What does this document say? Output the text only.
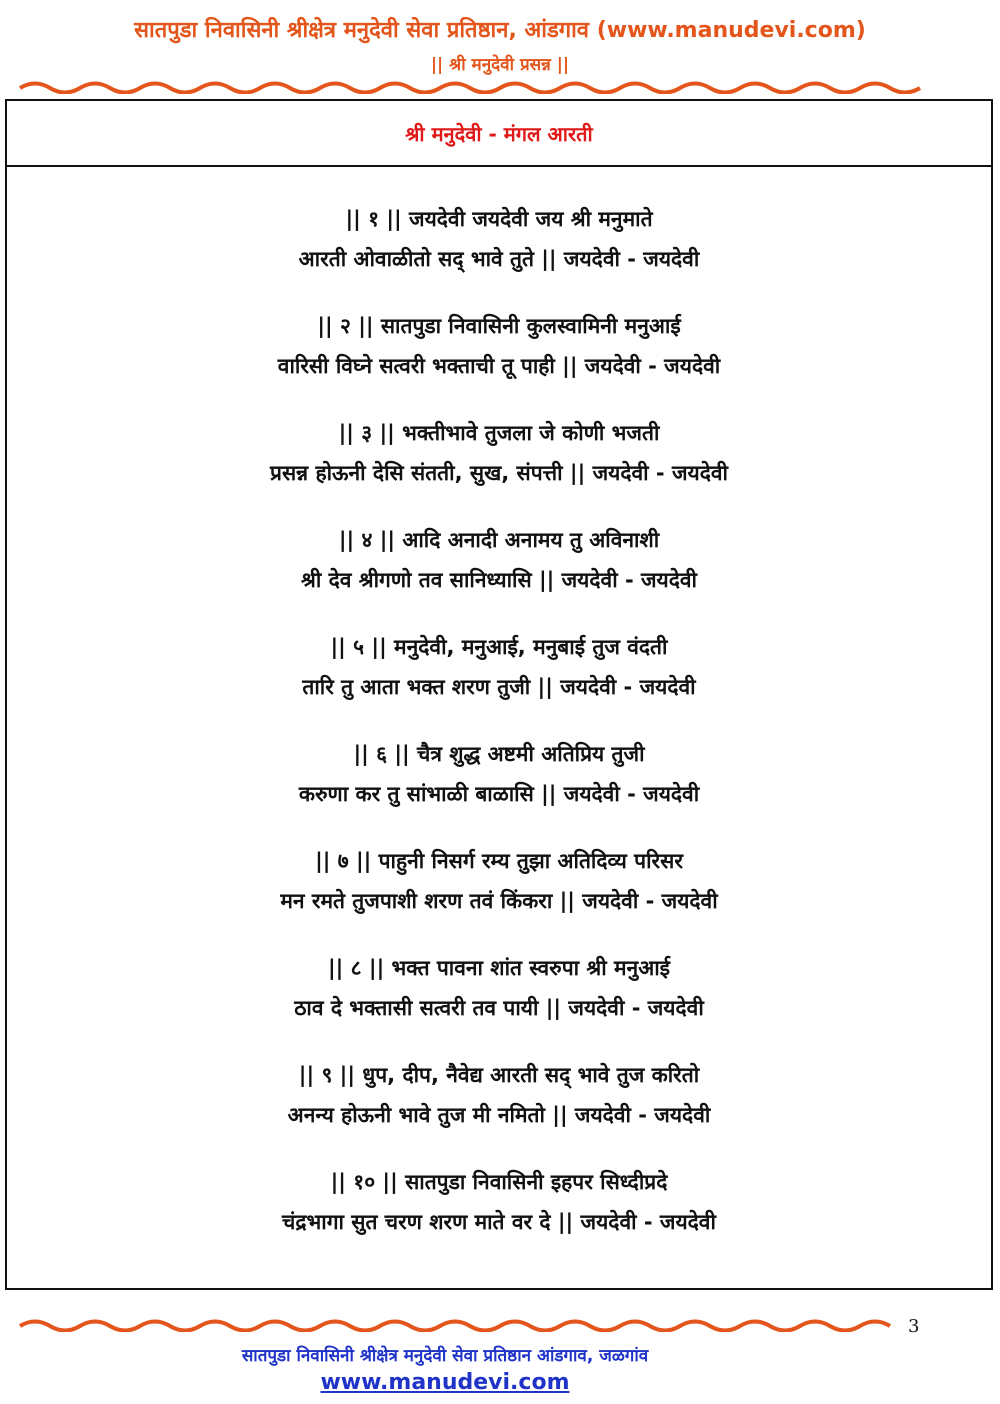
सातपुडा निवासिनी श्रीक्षेत्र मनुदेवी सेवा प्रतिष्ठान, आंडगाव (www.manudevi.com)
|| श्री मनुदेवी प्रसन्न ||
श्री मनुदेवी - मंगल आरती
|| १ || जयदेवी जयदेवी जय श्री मनुमाते
आरती ओवाळीतो सद् भावे तुते || जयदेवी - जयदेवी
|| २ || सातपुडा निवासिनी कुलस्वामिनी मनुआई
वारिसी विघ्ने सत्वरी भक्ताची तू पाही || जयदेवी - जयदेवी
|| ३ || भक्तीभावे तुजला जे कोणी भजती
प्रसन्न होऊनी देसि संतती, सुख, संपत्ती || जयदेवी - जयदेवी
|| ४ || आदि अनादी अनामय तु अविनाशी
श्री देव श्रीगणो तव सानिध्यासि || जयदेवी - जयदेवी
|| ५ || मनुदेवी, मनुआई, मनुबाई तुज वंदती
तारि तु आता भक्त शरण तुजी || जयदेवी - जयदेवी
|| ६ || चैत्र शुद्ध अष्टमी अतिप्रिय तुजी
करुणा कर तु सांभाळी बाळासि || जयदेवी - जयदेवी
|| ७ || पाहुनी निसर्ग रम्य तुझा अतिदिव्य परिसर
मन रमते तुजपाशी शरण तवं किंकरा || जयदेवी - जयदेवी
|| ८ || भक्त पावना शांत स्वरुपा श्री मनुआई
ठाव दे भक्तासी सत्वरी तव पायी || जयदेवी - जयदेवी
|| ९ || धुप, दीप, नैवेद्य आरती सद् भावे तुज करितो
अनन्य होऊनी भावे तुज मी नमितो || जयदेवी - जयदेवी
|| १० || सातपुडा निवासिनी इहपर सिध्दीप्रदे
चंद्रभागा सुत चरण शरण माते वर दे || जयदेवी - जयदेवी
3
सातपुडा निवासिनी श्रीक्षेत्र मनुदेवी सेवा प्रतिष्ठान आंडगाव, जळगांव
www.manudevi.com
